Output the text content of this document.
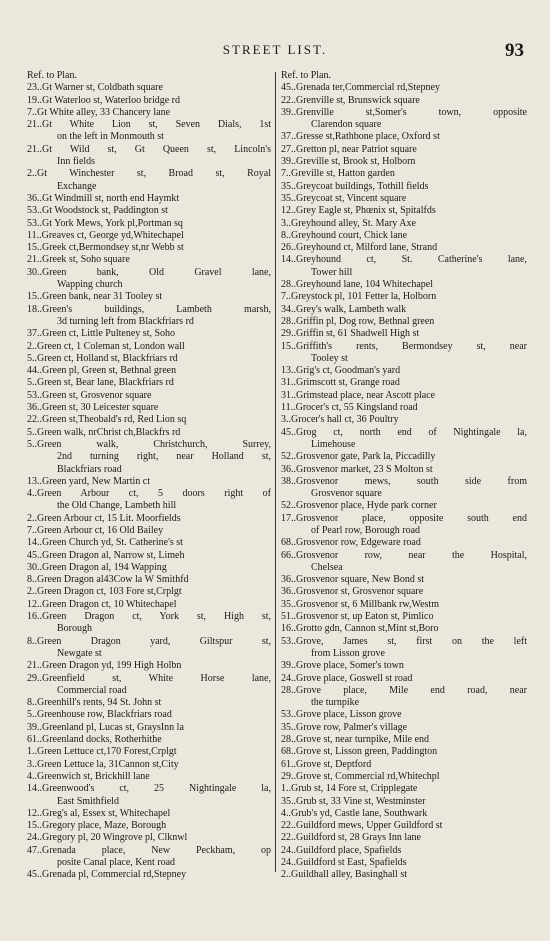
STREET LIST.	93
Ref. to Plan.
23..Gt Warner st, Coldbath square
19..Gt Waterloo st, Waterloo bridge rd
7..Gt White alley, 33 Chancery lane
21..Gt White Lion st, Seven Dials, 1st
on the left in Monmouth st
21..Gt Wild st, Gt Queen st, Lincoln's
Inn fields
2..Gt Winchester st, Broad st, Royal
Exchange
36..Gt Windmill st, north end Haymkt
53..Gt Woodstock st, Paddington st
53..Gt York Mews, York pl,Portman sq
11..Greaves ct, George yd,Whitechapel
15..Greek ct,Bermondsey st,nr Webb st
21..Greek st, Soho square
30..Green bank, Old Gravel lane,
Wapping church
15..Green bank, near 31 Tooley st
18..Green's buildings, Lambeth marsh,
3d turning left from Blackfriars rd
37..Green ct, Little Pulteney st, Soho
2..Green ct, 1 Coleman st, London wall
5..Green ct, Holland st, Blackfriars rd
44..Green pl, Green st, Bethnal green
5..Green st, Bear lane, Blackfriars rd
53..Green st, Grosvenor square
36..Green st, 30 Leicester square
22..Green st,Theobald's rd, Red Lion sq
5..Green walk, nrChrist ch,Blackfrs rd
5..Green walk, Christchurch, Surrey,
2nd turning right, near Holland st,
Blackfriars road
13..Green yard, New Martin ct
4..Green Arbour ct, 5 doors right of
the Old Change, Lambeth hill
2..Green Arbour ct, 15 Lit. Moorfields
7..Green Arbour ct, 16 Old Bailey
14..Green Church yd, St. Catherine's st
45..Green Dragon al, Narrow st, Limeh
30..Green Dragon al, 194 Wapping
8..Green Dragon al43Cow la W Smithfd
2..Green Dragon ct, 103 Fore st,Crplgt
12..Green Dragon ct, 10 Whitechapel
16..Green Dragon ct, York st, High st,
Borough
8..Green Dragon yard, Giltspur st,
Newgate st
21..Green Dragon yd, 199 High Holbn
29..Greenfield st, White Horse lane,
Commercial road
8..Greenhill's rents, 94 St. John st
5..Greenhouse row, Blackfriars road
39..Greenland pl, Lucas st, GraysInn la
61..Greenland docks, Rotherhithe
1..Green Lettuce ct,170 Forest,Crplgt
3..Green Lettuce la, 31Cannon st,City
4..Greenwich st, Brickhill lane
14..Greenwood's ct, 25 Nightingale la,
East Smithfield
12..Greg's al, Essex st, Whitechapel
15..Gregory place, Maze, Borough
24..Gregory pl, 20 Wingrove pl, Clknwl
47..Grenada place, New Peckham, op
posite Canal place, Kent road
45..Grenada pl, Commercial rd,Stepney
Ref. to Plan.
45..Grenada ter,Commercial rd,Stepney
22..Grenville st, Brunswick square
39..Grenville st,Somer's town, opposite
Clarendon square
37..Gresse st,Rathbone place, Oxford st
27..Gretton pl, near Patriot square
39..Greville st, Brook st, Holborn
7..Greville st, Hatton garden
35..Greycoat buildings, Tothill fields
35..Greycoat st, Vincent square
12..Grey Eagle st, Phœnix st, Spitalfds
3..Greyhound alley, St. Mary Axe
8..Greyhound court, Chick lane
26..Greyhound ct, Milford lane, Strand
14..Greyhound ct, St. Catherine's lane,
Tower hill
28..Greyhound lane, 104 Whitechapel
7..Greystock pl, 101 Fetter la, Holborn
34..Grey's walk, Lambeth walk
28..Griffin pl, Dog row, Bethnal green
29..Griffin st, 61 Shadwell High st
15..Griffith's rents, Bermondsey st, near
Tooley st
13..Grig's ct, Goodman's yard
31..Grimscott st, Grange road
31..Grimstead place, near Ascott place
11..Grocer's ct, 55 Kingsland road
3..Grocer's hall ct, 36 Poultry
45..Grog ct, north end of Nightingale la,
Limehouse
52..Grosvenor gate, Park la, Piccadilly
36..Grosvenor market, 23 S Molton st
38..Grosvenor mews, south side from
Grosvenor square
52..Grosvenor place, Hyde park corner
17..Grosvenor place, opposite south end
of Pearl row, Borough road
68..Grosvenor row, Edgeware road
66..Grosvenor row, near the Hospital,
Chelsea
36..Grosvenor square, New Bond st
36..Grosvenor st, Grosvenor square
35..Grosvenor st, 6 Millbank rw,Westm
51..Grosvenor st, up Eaton st, Pimlico
16..Grotto gdn, Cannon st,Mint st,Boro
53..Grove, James st, first on the left
from Lisson grove
39..Grove place, Somer's town
24..Grove place, Goswell st road
28..Grove place, Mile end road, near
the turnpike
53..Grove place, Lisson grove
35..Grove row, Palmer's village
28..Grove st, near turnpike, Mile end
68..Grove st, Lisson green, Paddington
61..Grove st, Deptford
29..Grove st, Commercial rd,Whitechpl
1..Grub st, 14 Fore st, Cripplegate
35..Grub st, 33 Vine st, Westminster
4..Grub's yd, Castle lane, Southwark
22..Guildford mews, Upper Guildford st
22..Guildford st, 28 Grays Inn lane
24..Guildford place, Spafields
24..Guildford st East, Spafields
2..Guildhall alley, Basinghall st
